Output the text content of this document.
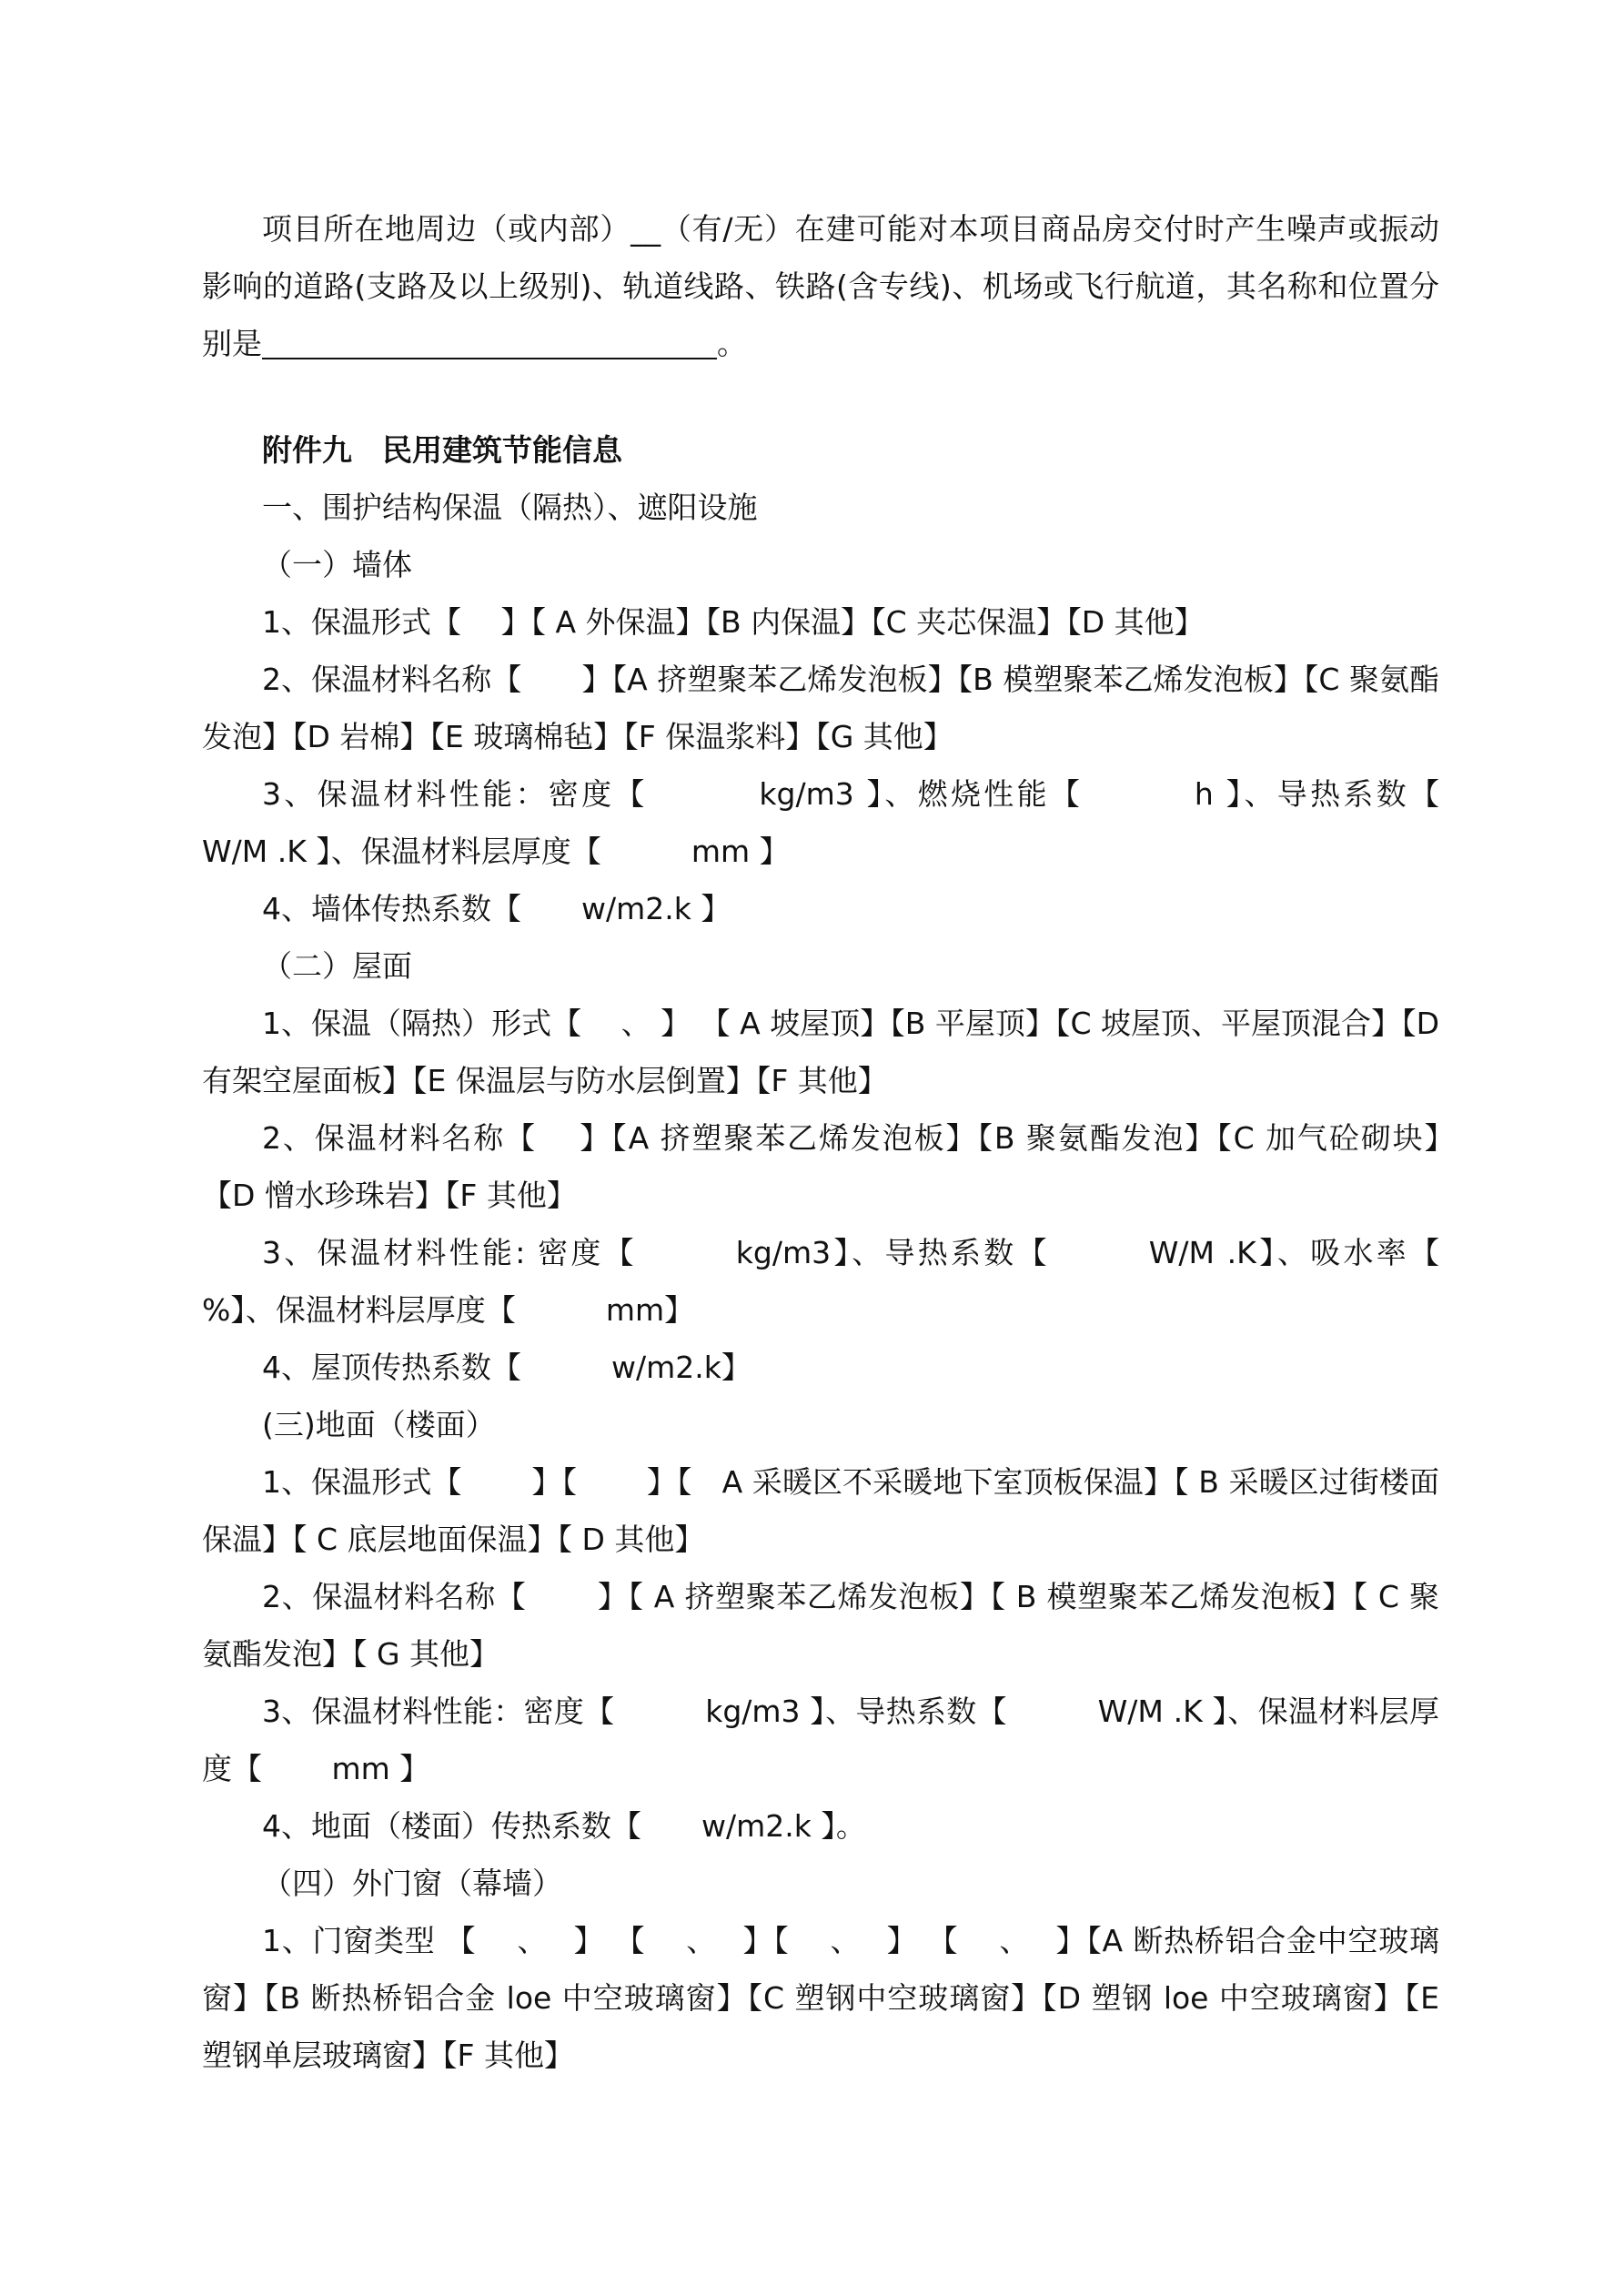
项目所在地周边（或内部）__（有/无）在建可能对本项目商品房交付时产生噪声或振动影响的道路(支路及以上级别)、轨道线路、铁路(含专线)、机场或飞行航道，其名称和位置分别是	。

附件九　民用建筑节能信息

一、围护结构保温（隔热）、遮阳设施

（一）墙体

1、保温形式【　 】【 A 外保温】【B 内保温】【C 夹芯保温】【D 其他】

2、保温材料名称【　　】【A 挤塑聚苯乙烯发泡板】【B 模塑聚苯乙烯发泡板】【C 聚氨酯发泡】【D 岩棉】【E 玻璃棉毡】【F 保温浆料】【G 其他】

3、保温材料性能：密度【　　　 kg/m3 】、燃烧性能【　　　 h 】、导热系数【　　W/M .K 】、保温材料层厚度【　　　mm 】

4、墙体传热系数【　　w/m2.k 】

（二）屋面

1、保温（隔热）形式【　 、 】 【 A 坡屋顶】【B 平屋顶】【C 坡屋顶、平屋顶混合】【D 有架空屋面板】【E 保温层与防水层倒置】【F 其他】

2、保温材料名称【　 】【A 挤塑聚苯乙烯发泡板】【B 聚氨酯发泡】【C 加气砼砌块】　【D 憎水珍珠岩】【F 其他】

3、保温材料性能: 密度【　　　kg/m3】、导热系数【　　　W/M .K】、吸水率【　　　%】、保温材料层厚度【　　　mm】

4、屋顶传热系数【　　　w/m2.k】

(三)地面（楼面）

1、保温形式【　　 】【　　 】【　A 采暖区不采暖地下室顶板保温】【 B 采暖区过街楼面保温】【 C 底层地面保温】【 D 其他】

2、保温材料名称【　　 】【 A 挤塑聚苯乙烯发泡板】【 B 模塑聚苯乙烯发泡板】【 C 聚氨酯发泡】【 G 其他】

3、保温材料性能：密度【　　　kg/m3 】、导热系数【　　　W/M .K 】、保温材料层厚度【　　 mm 】

4、地面（楼面）传热系数【　　w/m2.k 】。

（四）外门窗（幕墙）

1、门窗类型 【　 、　 】 【　 、　 】【　 、　 】 【　 、　 】【A 断热桥铝合金中空玻璃窗】【B 断热桥铝合金 loe 中空玻璃窗】【C 塑钢中空玻璃窗】【D 塑钢 loe 中空玻璃窗】【E 塑钢单层玻璃窗】【F 其他】
